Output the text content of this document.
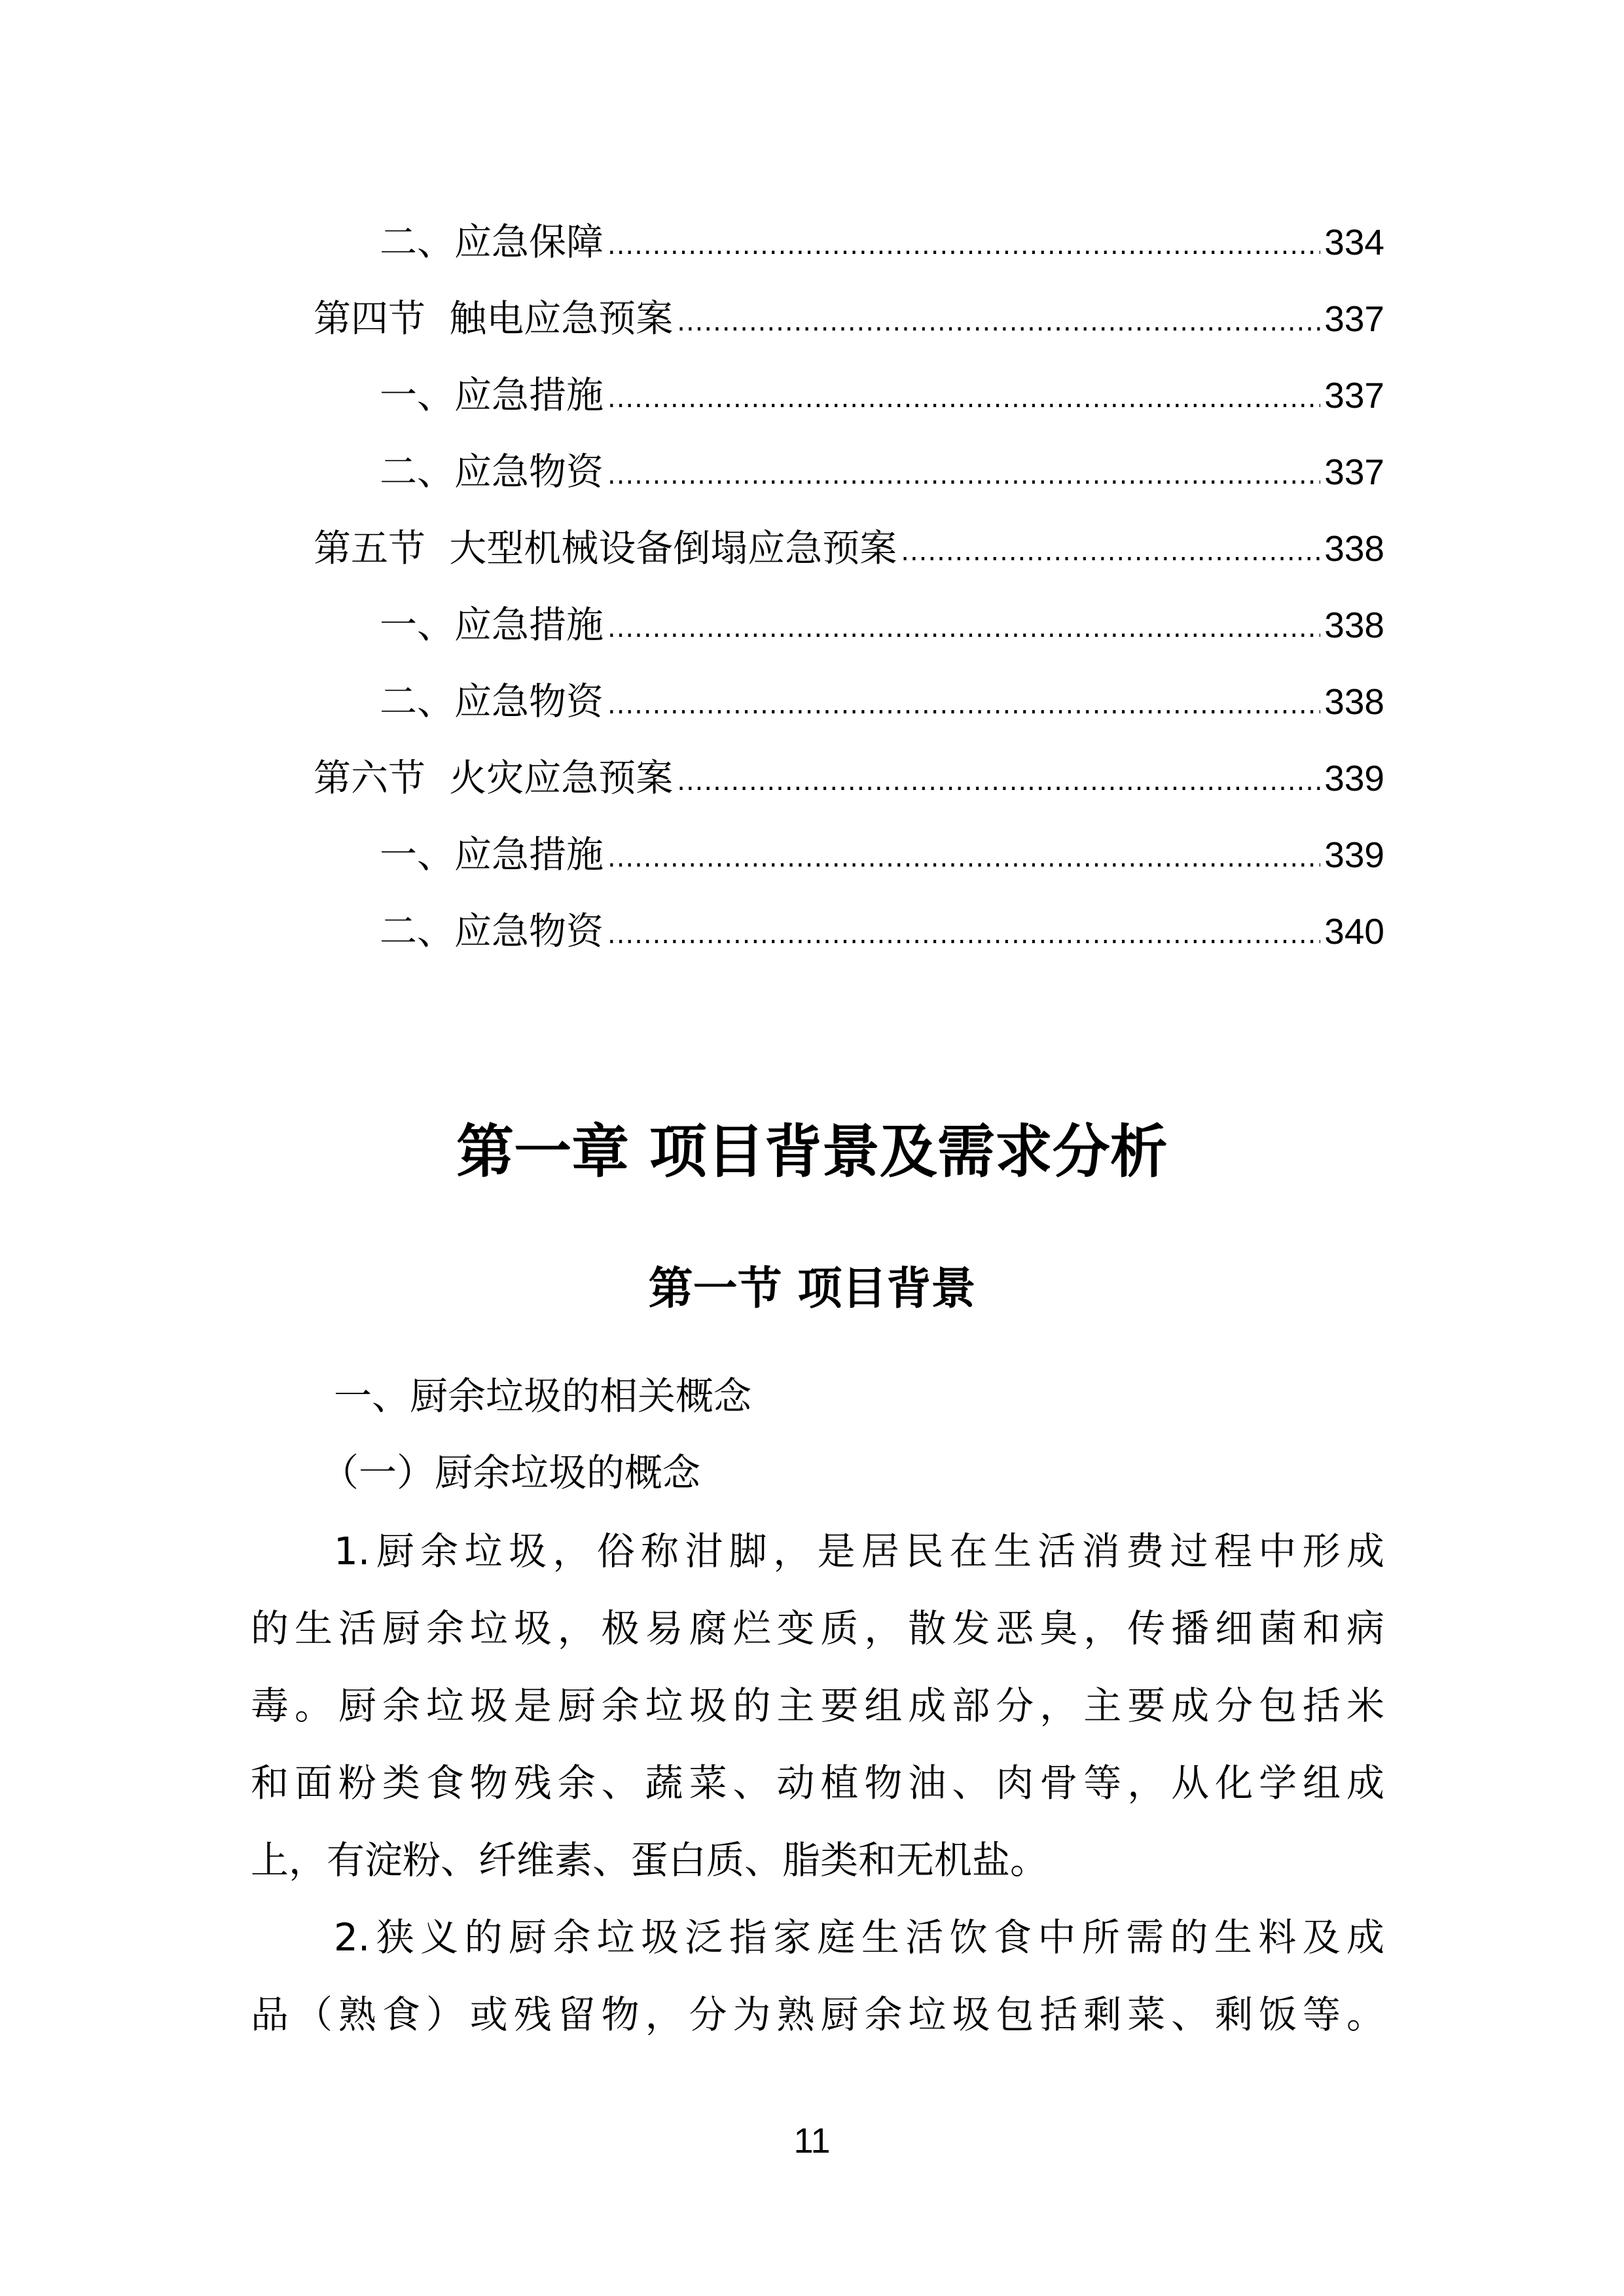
二、应急保障 .....	334
第四节  触电应急预案 .....	337
一、应急措施 .....	337
二、应急物资 .....	337
第五节  大型机械设备倒塌应急预案 .....	338
一、应急措施 .....	338
二、应急物资 .....	338
第六节  火灾应急预案 .....	339
一、应急措施 .....	339
二、应急物资 .....	340
第一章 项目背景及需求分析
第一节 项目背景
一、厨余垃圾的相关概念
（一）厨余垃圾的概念
1.厨余垃圾，俗称泔脚，是居民在生活消费过程中形成
的生活厨余垃圾，极易腐烂变质，散发恶臭，传播细菌和病
毒。厨余垃圾是厨余垃圾的主要组成部分，主要成分包括米
和面粉类食物残余、蔬菜、动植物油、肉骨等，从化学组成
上，有淀粉、纤维素、蛋白质、脂类和无机盐。
2.狭义的厨余垃圾泛指家庭生活饮食中所需的生料及成
品（熟食）或残留物，分为熟厨余垃圾包括剩菜、剩饭等。
11
